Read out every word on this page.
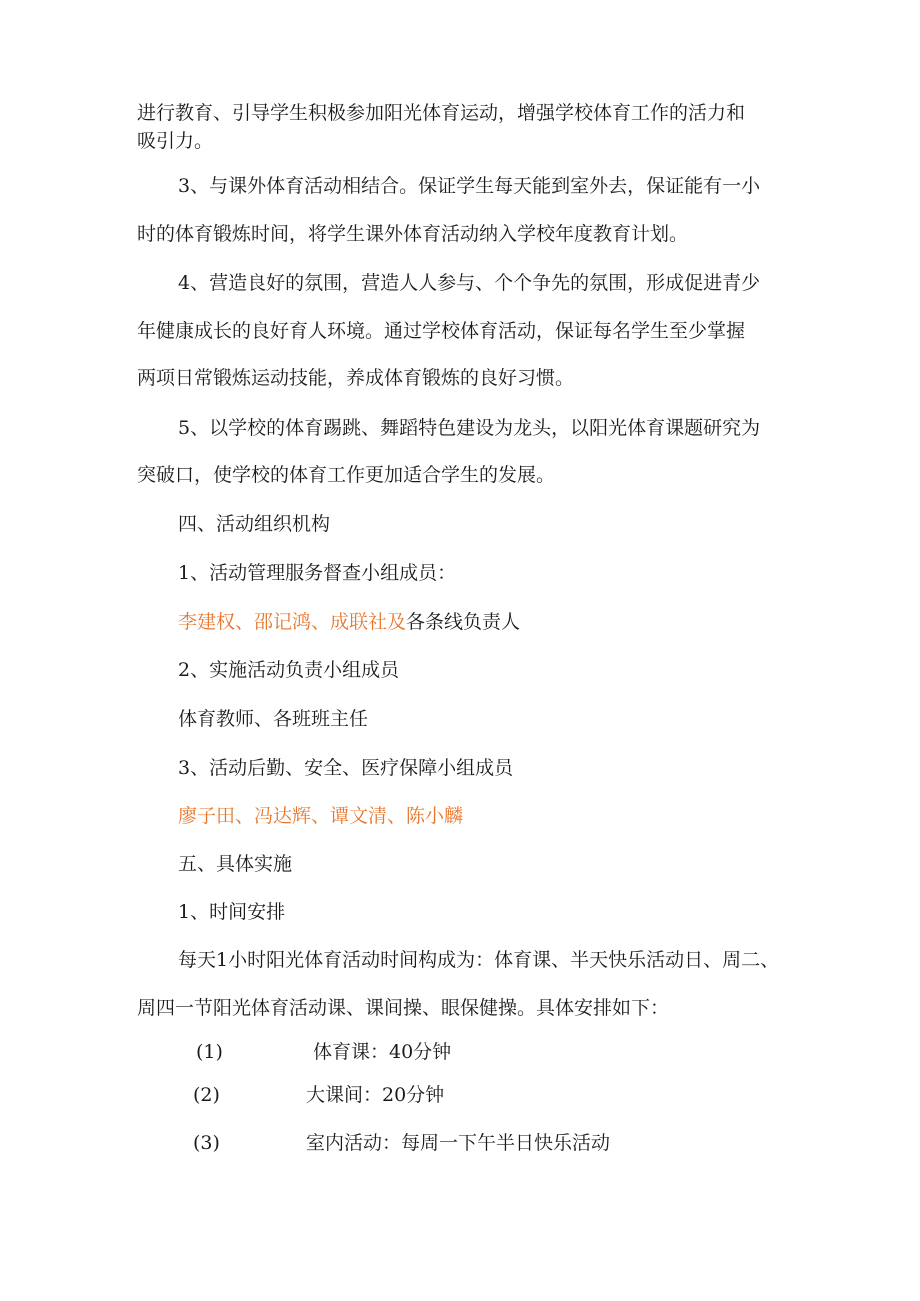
进行教育、引导学生积极参加阳光体育运动，增强学校体育工作的活力和
吸引力。
3、与课外体育活动相结合。保证学生每天能到室外去，保证能有一小
时的体育锻炼时间，将学生课外体育活动纳入学校年度教育计划。
4、营造良好的氛围，营造人人参与、个个争先的氛围，形成促进青少
年健康成长的良好育人环境。通过学校体育活动，保证每名学生至少掌握
两项日常锻炼运动技能，养成体育锻炼的良好习惯。
5、以学校的体育踢跳、舞蹈特色建设为龙头，以阳光体育课题研究为
突破口，使学校的体育工作更加适合学生的发展。
四、活动组织机构
1、活动管理服务督查小组成员：
李建权、邵记鸿、成联社及各条线负责人
2、实施活动负责小组成员
体育教师、各班班主任
3、活动后勤、安全、医疗保障小组成员
廖子田、冯达辉、谭文清、陈小麟
五、具体实施
1、时间安排
每天1小时阳光体育活动时间构成为：体育课、半天快乐活动日、周二、
周四一节阳光体育活动课、课间操、眼保健操。具体安排如下：
(1)	体育课：40分钟
(2)	大课间：20分钟
(3)	室内活动：每周一下午半日快乐活动
